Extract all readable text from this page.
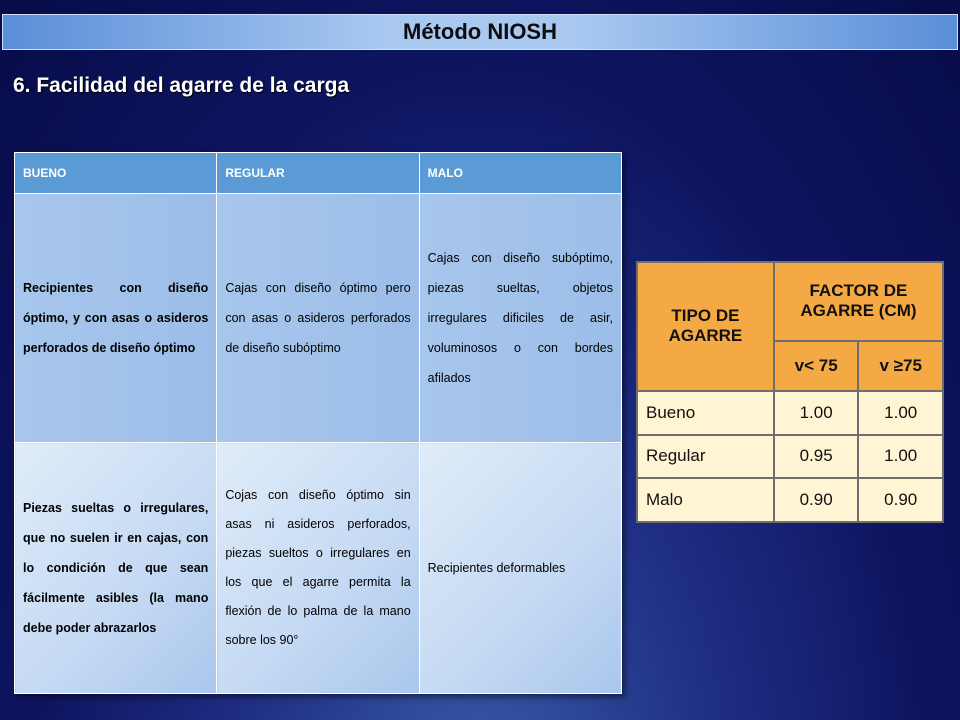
Método NIOSH
6. Facilidad del agarre de la carga
BUENO	REGULAR	MALO
Recipientes con diseño óptimo, y con asas o asideros perforados de diseño óptimo	Cajas con diseño óptimo pero con asas o asideros perforados de diseño subóptimo	Cajas con diseño subóptimo, piezas sueltas, objetos irregulares dificiles de asir, voluminosos o con bordes afilados
Piezas sueltas o irregulares, que no suelen ir en cajas, con lo condición de que sean fácilmente asibles (la mano debe poder abrazarlos	Cojas con diseño óptimo sin asas ni asideros perforados, piezas sueltos o irregulares en los que el agarre permita la flexión de lo palma de la mano sobre los 90°	Recipientes deformables
TIPO DE AGARRE	FACTOR DE AGARRE (CM)	
	v< 75	v ≥75
Bueno	1.00	1.00
Regular	0.95	1.00
Malo	0.90	0.90
